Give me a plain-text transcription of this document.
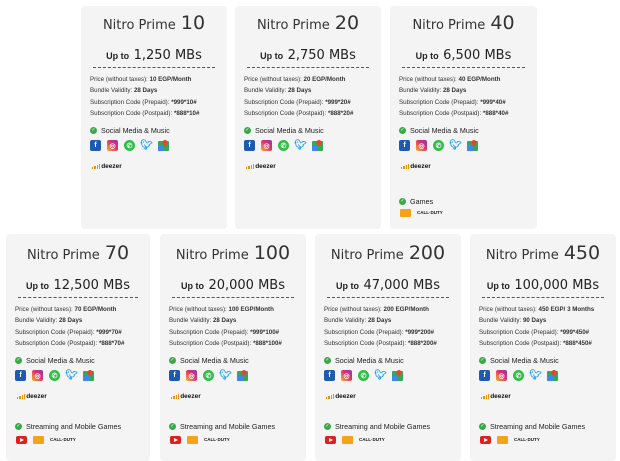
Nitro Prime 10
Up to 1,250 MBs
Price (without taxes): 10 EGP/Month
Bundle Validity: 28 Days
Subscription Code (Prepaid): *999*10#
Subscription Code (Postpaid): *888*10#
✓ Social Media & Music
f	◎	✆ 🐦︎
deezer
Nitro Prime 20
Up to 2,750 MBs
Price (without taxes): 20 EGP/Month
Bundle Validity: 28 Days
Subscription Code (Prepaid): *999*20#
Subscription Code (Postpaid): *888*20#
✓ Social Media & Music
f	◎	✆ 🐦︎
deezer
Nitro Prime 40
Up to 6,500 MBs
Price (without taxes): 40 EGP/Month
Bundle Validity: 28 Days
Subscription Code (Prepaid): *999*40#
Subscription Code (Postpaid): *888*40#
✓ Social Media & Music
f	◎	✆ 🐦︎
deezer
✓ Games
CALL·DUTY
Nitro Prime 70
Up to 12,500 MBs
Price (without taxes): 70 EGP/Month
Bundle Validity: 28 Days
Subscription Code (Prepaid): *999*70#
Subscription Code (Postpaid): *888*70#
✓ Social Media & Music
f	◎	✆ 🐦︎
deezer
✓ Streaming and Mobile Games
CALL·DUTY
Nitro Prime 100
Up to 20,000 MBs
Price (without taxes): 100 EGP/Month
Bundle Validity: 28 Days
Subscription Code (Prepaid): *999*100#
Subscription Code (Postpaid): *888*100#
✓ Social Media & Music
f	◎	✆ 🐦︎
deezer
✓ Streaming and Mobile Games
CALL·DUTY
Nitro Prime 200
Up to 47,000 MBs
Price (without taxes): 200 EGP/Month
Bundle Validity: 28 Days
Subscription Code (Prepaid): *999*200#
Subscription Code (Postpaid): *888*200#
✓ Social Media & Music
f	◎	✆ 🐦︎
deezer
✓ Streaming and Mobile Games
CALL·DUTY
Nitro Prime 450
Up to 100,000 MBs
Price (without taxes): 450 EGP/ 3 Months
Bundle Validity: 90 Days
Subscription Code (Prepaid): *999*450#
Subscription Code (Postpaid): *888*450#
✓ Social Media & Music
f	◎	✆ 🐦︎
deezer
✓ Streaming and Mobile Games
CALL·DUTY
